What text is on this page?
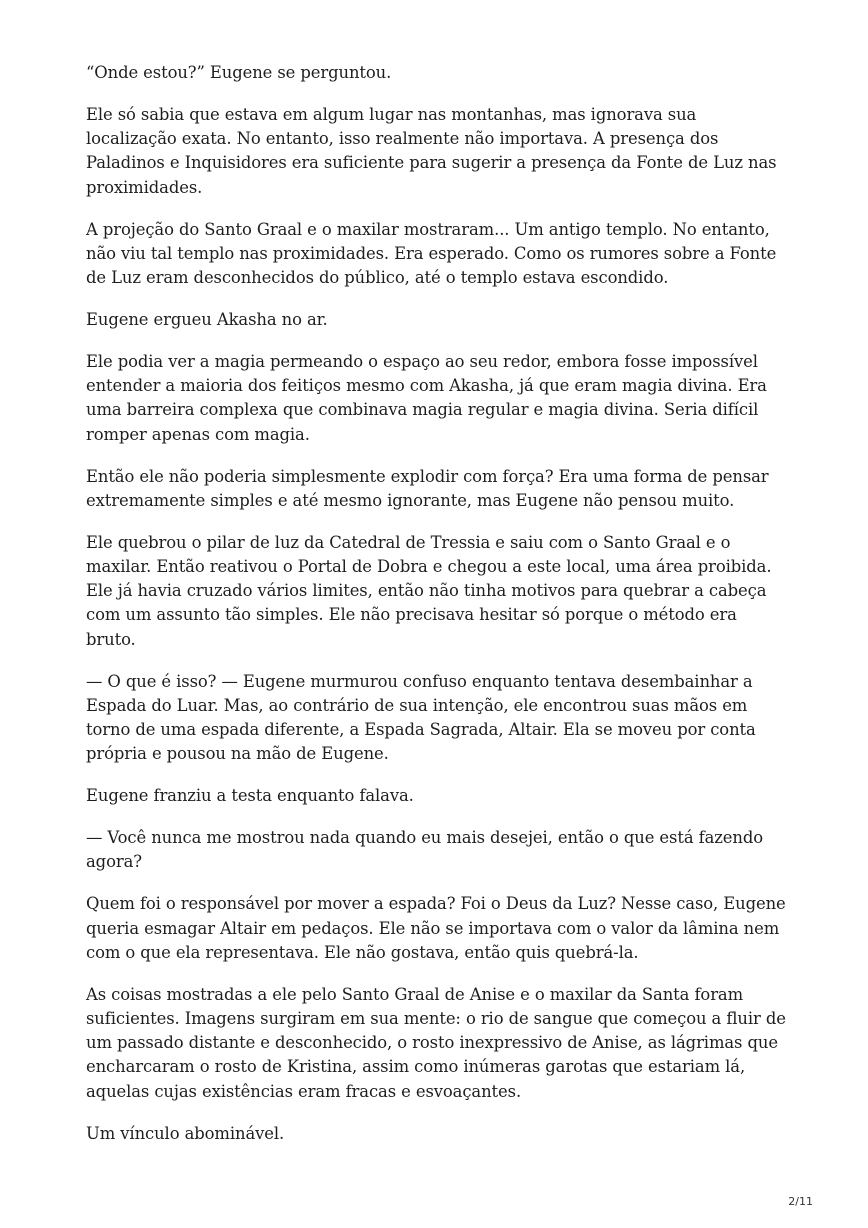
“Onde estou?” Eugene se perguntou.

Ele só sabia que estava em algum lugar nas montanhas, mas ignorava sua localização exata. No entanto, isso realmente não importava. A presença dos Paladinos e Inquisidores era suficiente para sugerir a presença da Fonte de Luz nas proximidades.

A projeção do Santo Graal e o maxilar mostraram... Um antigo templo. No entanto, não viu tal templo nas proximidades. Era esperado. Como os rumores sobre a Fonte de Luz eram desconhecidos do público, até o templo estava escondido.

Eugene ergueu Akasha no ar.

Ele podia ver a magia permeando o espaço ao seu redor, embora fosse impossível entender a maioria dos feitiços mesmo com Akasha, já que eram magia divina. Era uma barreira complexa que combinava magia regular e magia divina. Seria difícil romper apenas com magia.

Então ele não poderia simplesmente explodir com força? Era uma forma de pensar extremamente simples e até mesmo ignorante, mas Eugene não pensou muito.

Ele quebrou o pilar de luz da Catedral de Tressia e saiu com o Santo Graal e o maxilar. Então reativou o Portal de Dobra e chegou a este local, uma área proibida. Ele já havia cruzado vários limites, então não tinha motivos para quebrar a cabeça com um assunto tão simples. Ele não precisava hesitar só porque o método era bruto.

— O que é isso? — Eugene murmurou confuso enquanto tentava desembainhar a Espada do Luar. Mas, ao contrário de sua intenção, ele encontrou suas mãos em torno de uma espada diferente, a Espada Sagrada, Altair. Ela se moveu por conta própria e pousou na mão de Eugene.

Eugene franziu a testa enquanto falava.

— Você nunca me mostrou nada quando eu mais desejei, então o que está fazendo agora?

Quem foi o responsável por mover a espada? Foi o Deus da Luz? Nesse caso, Eugene queria esmagar Altair em pedaços. Ele não se importava com o valor da lâmina nem com o que ela representava. Ele não gostava, então quis quebrá-la.

As coisas mostradas a ele pelo Santo Graal de Anise e o maxilar da Santa foram suficientes. Imagens surgiram em sua mente: o rio de sangue que começou a fluir de um passado distante e desconhecido, o rosto inexpressivo de Anise, as lágrimas que encharcaram o rosto de Kristina, assim como inúmeras garotas que estariam lá, aquelas cujas existências eram fracas e esvoaçantes.

Um vínculo abominável.

2/11
